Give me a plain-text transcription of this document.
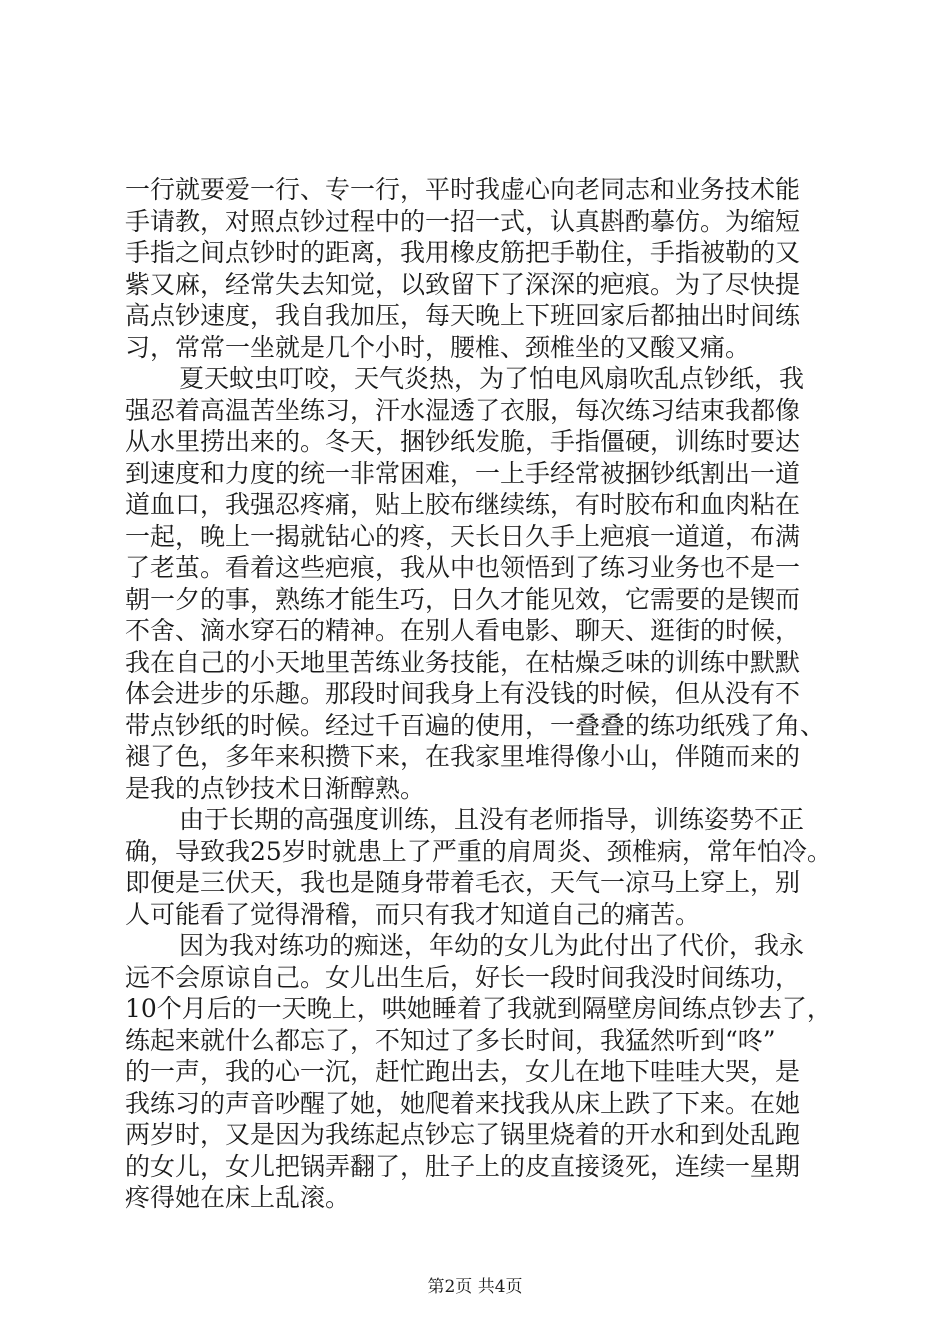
一行就要爱一行、专一行，平时我虚心向老同志和业务技术能
手请教，对照点钞过程中的一招一式，认真斟酌摹仿。为缩短
手指之间点钞时的距离，我用橡皮筋把手勒住，手指被勒的又
紫又麻，经常失去知觉，以致留下了深深的疤痕。为了尽快提
高点钞速度，我自我加压，每天晚上下班回家后都抽出时间练
习，常常一坐就是几个小时，腰椎、颈椎坐的又酸又痛。
夏天蚊虫叮咬，天气炎热，为了怕电风扇吹乱点钞纸，我
强忍着高温苦坐练习，汗水湿透了衣服，每次练习结束我都像
从水里捞出来的。冬天，捆钞纸发脆，手指僵硬，训练时要达
到速度和力度的统一非常困难，一上手经常被捆钞纸割出一道
道血口，我强忍疼痛，贴上胶布继续练，有时胶布和血肉粘在
一起，晚上一揭就钻心的疼，天长日久手上疤痕一道道，布满
了老茧。看着这些疤痕，我从中也领悟到了练习业务也不是一
朝一夕的事，熟练才能生巧，日久才能见效，它需要的是锲而
不舍、滴水穿石的精神。在别人看电影、聊天、逛街的时候，
我在自己的小天地里苦练业务技能，在枯燥乏味的训练中默默
体会进步的乐趣。那段时间我身上有没钱的时候，但从没有不
带点钞纸的时候。经过千百遍的使用，一叠叠的练功纸残了角、
褪了色，多年来积攒下来，在我家里堆得像小山，伴随而来的
是我的点钞技术日渐醇熟。
由于长期的高强度训练，且没有老师指导，训练姿势不正
确，导致我25岁时就患上了严重的肩周炎、颈椎病，常年怕冷。
即便是三伏天，我也是随身带着毛衣，天气一凉马上穿上，别
人可能看了觉得滑稽，而只有我才知道自己的痛苦。
因为我对练功的痴迷，年幼的女儿为此付出了代价，我永
远不会原谅自己。女儿出生后，好长一段时间我没时间练功，
10个月后的一天晚上，哄她睡着了我就到隔壁房间练点钞去了，
练起来就什么都忘了，不知过了多长时间，我猛然听到“咚”
的一声，我的心一沉，赶忙跑出去，女儿在地下哇哇大哭，是
我练习的声音吵醒了她，她爬着来找我从床上跌了下来。在她
两岁时，又是因为我练起点钞忘了锅里烧着的开水和到处乱跑
的女儿，女儿把锅弄翻了，肚子上的皮直接烫死，连续一星期
疼得她在床上乱滚。
第2页 共4页
